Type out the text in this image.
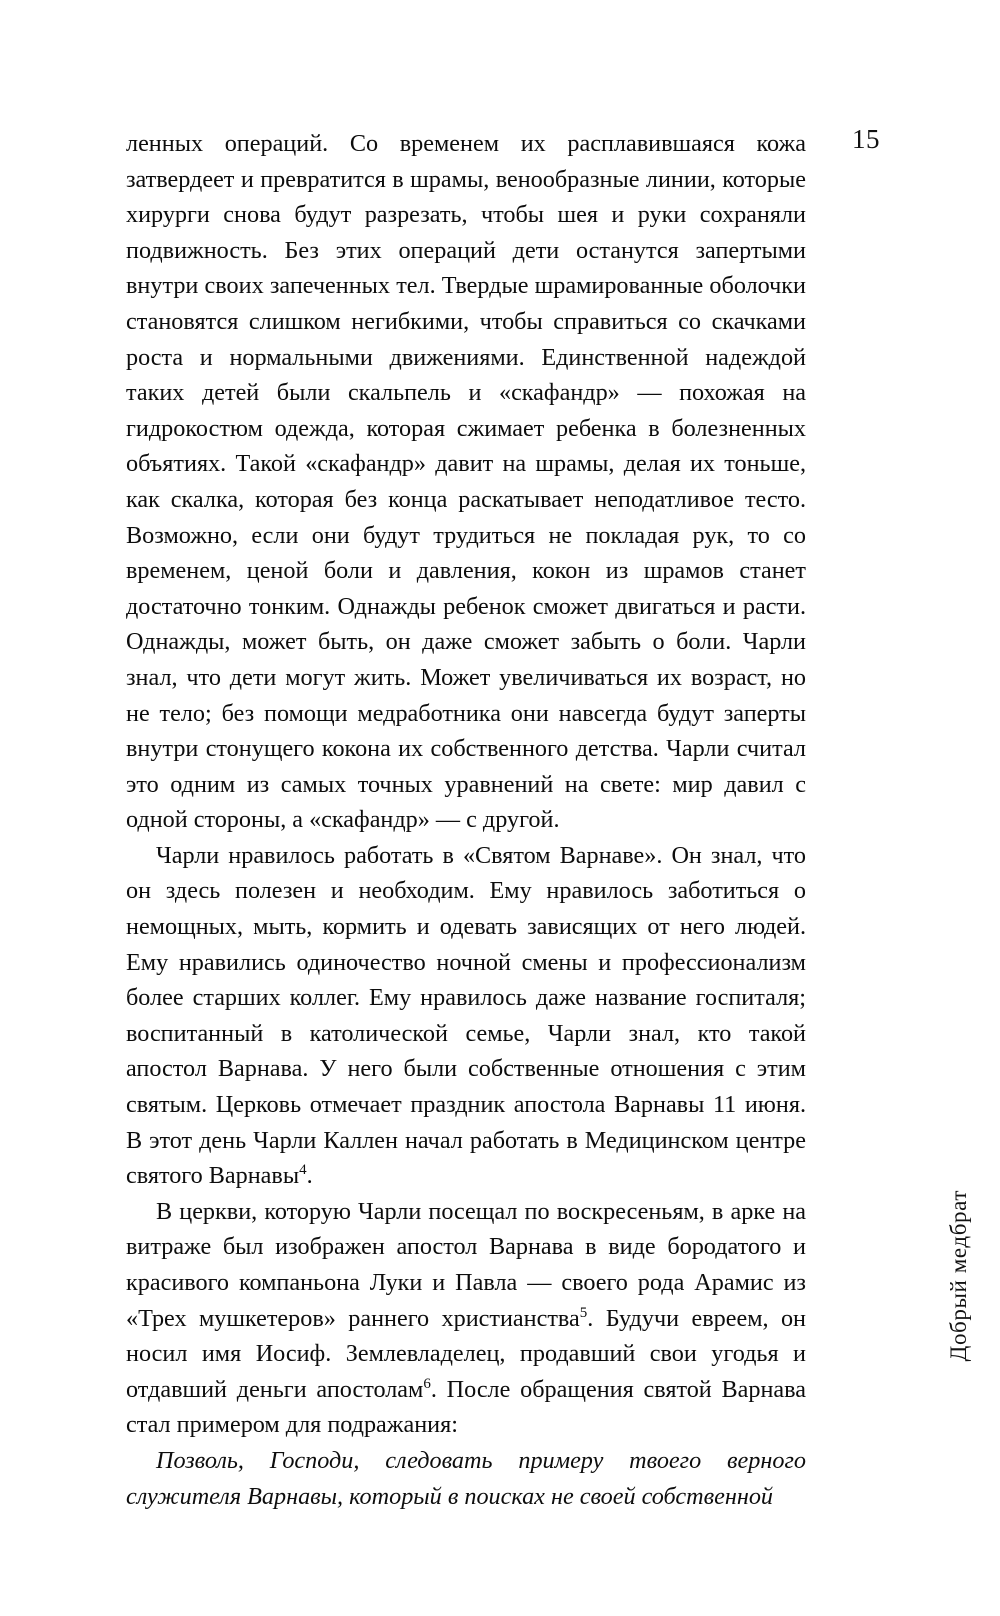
15
Добрый медбрат

ленных операций. Со временем их расплавившаяся кожа затвердеет и превратится в шрамы, венообразные линии, которые хирурги снова будут разрезать, чтобы шея и руки сохраняли подвижность. Без этих операций дети останутся запертыми внутри своих запеченных тел. Твердые шрамированные оболочки становятся слишком негибкими, чтобы справиться со скачками роста и нормальными движениями. Единственной надеждой таких детей были скальпель и «скафандр» — похожая на гидрокостюм одежда, которая сжимает ребенка в болезненных объятиях. Такой «скафандр» давит на шрамы, делая их тоньше, как скалка, которая без конца раскатывает неподатливое тесто. Возможно, если они будут трудиться не покладая рук, то со временем, ценой боли и давления, кокон из шрамов станет достаточно тонким. Однажды ребенок сможет двигаться и расти. Однажды, может быть, он даже сможет забыть о боли. Чарли знал, что дети могут жить. Может увеличиваться их возраст, но не тело; без помощи медработника они навсегда будут заперты внутри стонущего кокона их собственного детства. Чарли считал это одним из самых точных уравнений на свете: мир давил с одной стороны, а «скафандр» — с другой.

Чарли нравилось работать в «Святом Варнаве». Он знал, что он здесь полезен и необходим. Ему нравилось заботиться о немощных, мыть, кормить и одевать зависящих от него людей. Ему нравились одиночество ночной смены и профессионализм более старших коллег. Ему нравилось даже название госпиталя; воспитанный в католической семье, Чарли знал, кто такой апостол Варнава. У него были собственные отношения с этим святым. Церковь отмечает праздник апостола Варнавы 11 июня. В этот день Чарли Каллен начал работать в Медицинском центре святого Варнавы$^4$.

В церкви, которую Чарли посещал по воскресеньям, в арке на витраже был изображен апостол Варнава в виде бородатого и красивого компаньона Луки и Павла — своего рода Арамис из «Трех мушкетеров» раннего христианства$^5$. Будучи евреем, он носил имя Иосиф. Землевладелец, продавший свои угодья и отдавший деньги апостолам$^6$. После обращения святой Варнава стал примером для подражания:

Позволь, Господи, следовать примеру твоего верного служителя Варнавы, который в поисках не своей собственной
